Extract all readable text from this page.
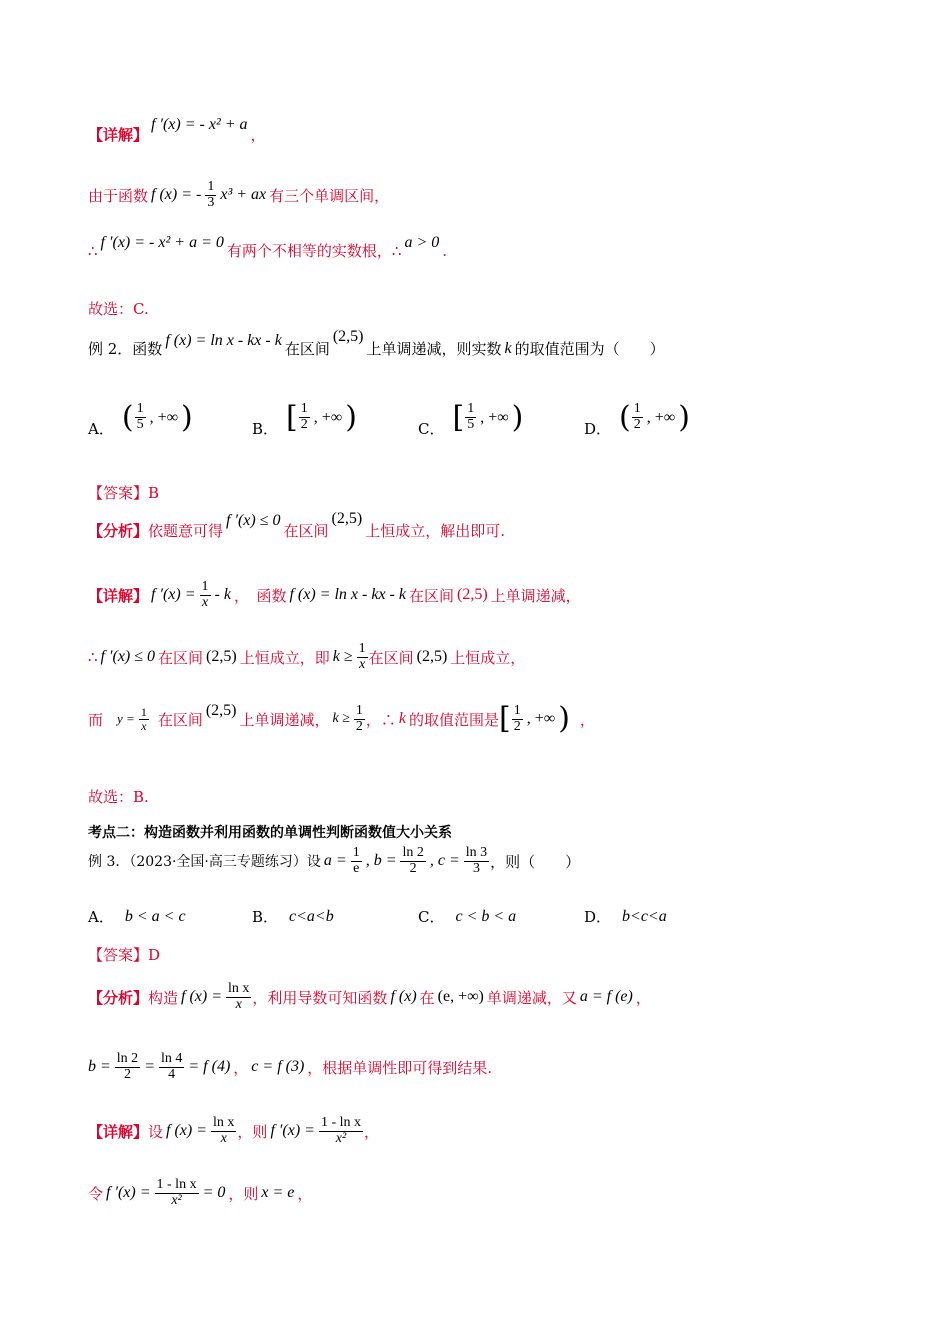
【详解】
f ′(x) = - x² + a
，
由于函数 f (x) = - $\frac{1}{3} x^3$ + ax 有三个单调区间，
∴ f ′(x) = - x² + a = 0 有两个不相等的实数根， ∴ a > 0 .
故选：C.
例 2．函数 f (x) = ln x - kx - k 在区间
(2,5)
上单调递减，则实数 k 的取值范围为（　　）
A． ( $\frac{1}{5}$ , +∞ )	B． [ $\frac{1}{2}$ , +∞ )	C． [ $\frac{1}{5}$ , +∞ )	D． ( $\frac{1}{2}$ , +∞ )
【答案】B
【分析】 依题意可得
f ′(x) ≤ 0
在区间
(2,5)
上恒成立，解出即可.
【详解】 f $'(x) = \frac{1}{x} - k$ ，　函数 f (x) = ln x - kx - k 在区间 (2,5) 上单调递减，
∴ f ′(x) ≤ 0 在区间 (2,5) 上恒成立，即 $k \ge \frac{1}{x}$ 在区间 (2,5) 上恒成立，
而 $y = \frac{1}{x}$ 在区间 (2,5) 上单调递减， $k \ge \frac{1}{2}$ ，∴ k 的取值范围是 [ $\frac{1}{2}$ , +∞ ) ，
故选：B.
考点二：构造函数并利用函数的单调性判断函数值大小关系
例 3．（2023·全国·高三专题练习）设 $a = \frac{1}{e}$ , $b = \frac{\ln 2}{2}$ , $c = \frac{\ln 3}{3}$ ，则（　　）
A． b < a < c	B． c<a<b	C． c < b < a	D． b<c<a
【答案】D
【分析】 构造 f $(x) = \frac{\text{ln x}}{x}$ ，利用导数可知函数 f (x) 在 (e, +∞) 单调递减，又 a = f (e) ，
$b = \frac{\ln 2}{2} = \frac{\ln 4}{4} = f$ (4) ， c = f (3) ，根据单调性即可得到结果.
【详解】 设 f $(x) = \frac{\text{ln x}}{x}$ ，则 f $'(x) = \frac{\text{1 - ln x}}{\text{x²}}$ ，
令 f $'(x) = \frac{\text{1 - ln x}}{\text{x²}} = 0$ ，则 x = e ，
